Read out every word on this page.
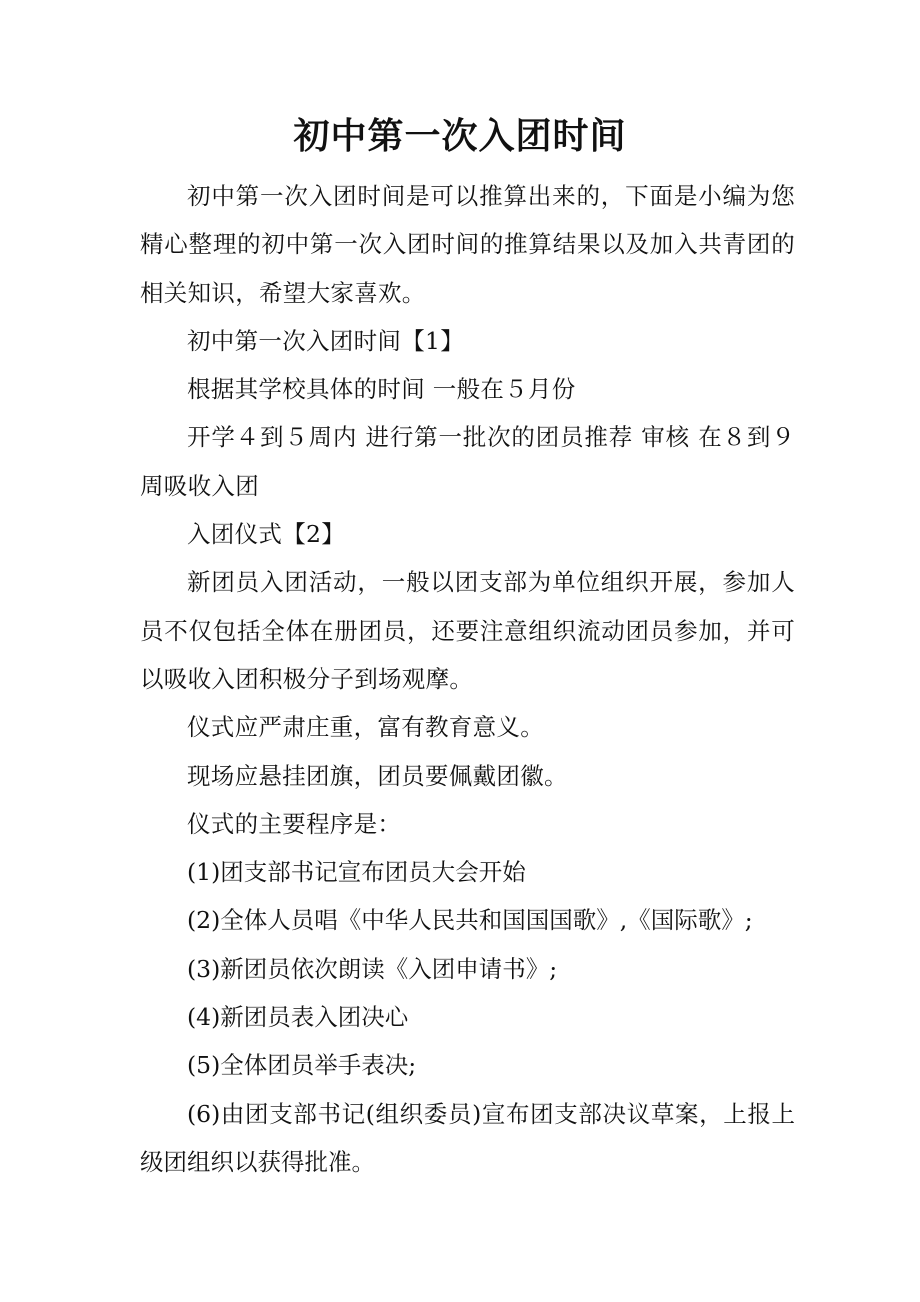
初中第一次入团时间

初中第一次入团时间是可以推算出来的，下面是小编为您精心整理的初中第一次入团时间的推算结果以及加入共青团的相关知识，希望大家喜欢。

初中第一次入团时间【1】

根据其学校具体的时间 一般在５月份

开学４到５周内 进行第一批次的团员推荐 审核 在８到９周吸收入团

入团仪式【2】

新团员入团活动，一般以团支部为单位组织开展，参加人员不仅包括全体在册团员，还要注意组织流动团员参加，并可以吸收入团积极分子到场观摩。

仪式应严肃庄重，富有教育意义。

现场应悬挂团旗，团员要佩戴团徽。

仪式的主要程序是：

(1)团支部书记宣布团员大会开始

(2)全体人员唱《中华人民共和国国国歌》,《国际歌》;

(3)新团员依次朗读《入团申请书》;

(4)新团员表入团决心

(5)全体团员举手表决;

(6)由团支部书记(组织委员)宣布团支部决议草案，上报上级团组织以获得批准。
